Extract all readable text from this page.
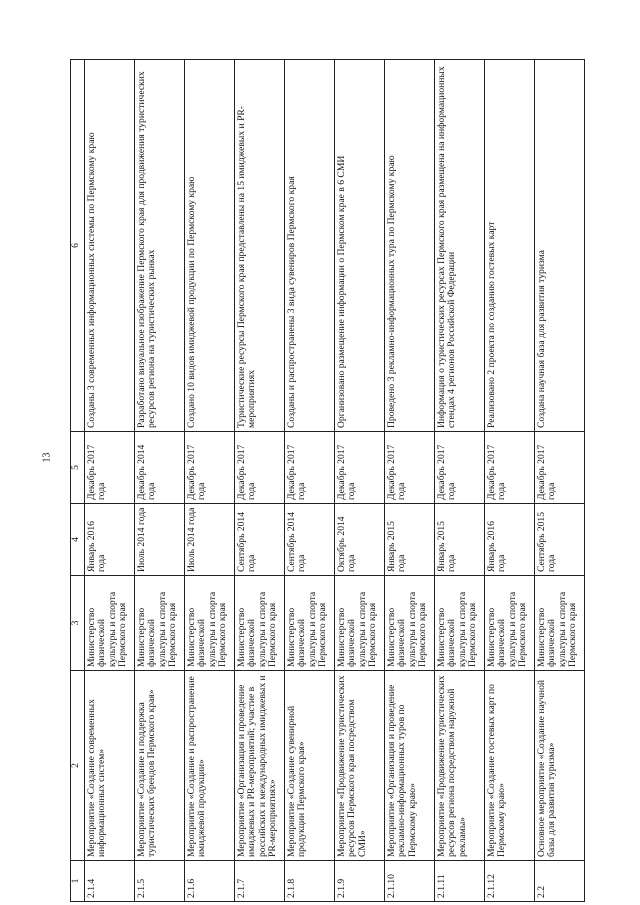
13
1	2	3	4	5	6
2.1.4	Мероприятие «Создание современных информационных систем»	Министерство физической культуры и спорта Пермского края	Январь 2016 года	Декабрь 2017 года	Созданы 3 современных информационных системы по Пермскому краю
2.1.5	Мероприятие «Создание и поддержка туристических брендов Пермского края»	Министерство физической культуры и спорта Пермского края	Июль 2014 года	Декабрь 2014 года	Разработано визуальное изображение Пермского края для продвижения туристических ресурсов региона на туристических рынках
2.1.6	Мероприятие «Создание и распространение имиджевой продукции»	Министерство физической культуры и спорта Пермского края	Июль 2014 года	Декабрь 2017 года	Создано 10 видов имиджевой продукции по Пермскому краю
2.1.7	Мероприятие «Организация и проведение имиджевых и PR-мероприятий; участие в российских и международных имиджевых и PR-мероприятиях»	Министерство физической культуры и спорта Пермского края	Сентябрь 2014 года	Декабрь 2017 года	Туристические ресурсы Пермского края представлены на 15 имиджевых и PR-мероприятиях
2.1.8	Мероприятие «Создание сувенирной продукции Пермского края»	Министерство физической культуры и спорта Пермского края	Сентябрь 2014 года	Декабрь 2017 года	Созданы и распространены 3 вида сувениров Пермского края
2.1.9	Мероприятие «Продвижение туристических ресурсов Пермского края посредством СМИ»	Министерство физической культуры и спорта Пермского края	Октябрь 2014 года	Декабрь 2017 года	Организовано размещение информации о Пермском крае в 6 СМИ
2.1.10	Мероприятие «Организация и проведение рекламно-информационных туров по Пермскому краю»	Министерство физической культуры и спорта Пермского края	Январь 2015 года	Декабрь 2017 года	Проведено 3 рекламно-информационных тура по Пермскому краю
2.1.11	Мероприятие «Продвижение туристических ресурсов региона посредством наружной рекламы»	Министерство физической культуры и спорта Пермского края	Январь 2015 года	Декабрь 2017 года	Информация о туристических ресурсах Пермского края размещена на информационных стендах 4 регионов Российской Федерации
2.1.12	Мероприятие «Создание гостевых карт по Пермскому краю»	Министерство физической культуры и спорта Пермского края	Январь 2016 года	Декабрь 2017 года	Реализовано 2 проекта по созданию гостевых карт
2.2	Основное мероприятие «Создание научной базы для развития туризма»	Министерство физической культуры и спорта Пермского края	Сентябрь 2015 года	Декабрь 2017 года	Создана научная база для развития туризма
